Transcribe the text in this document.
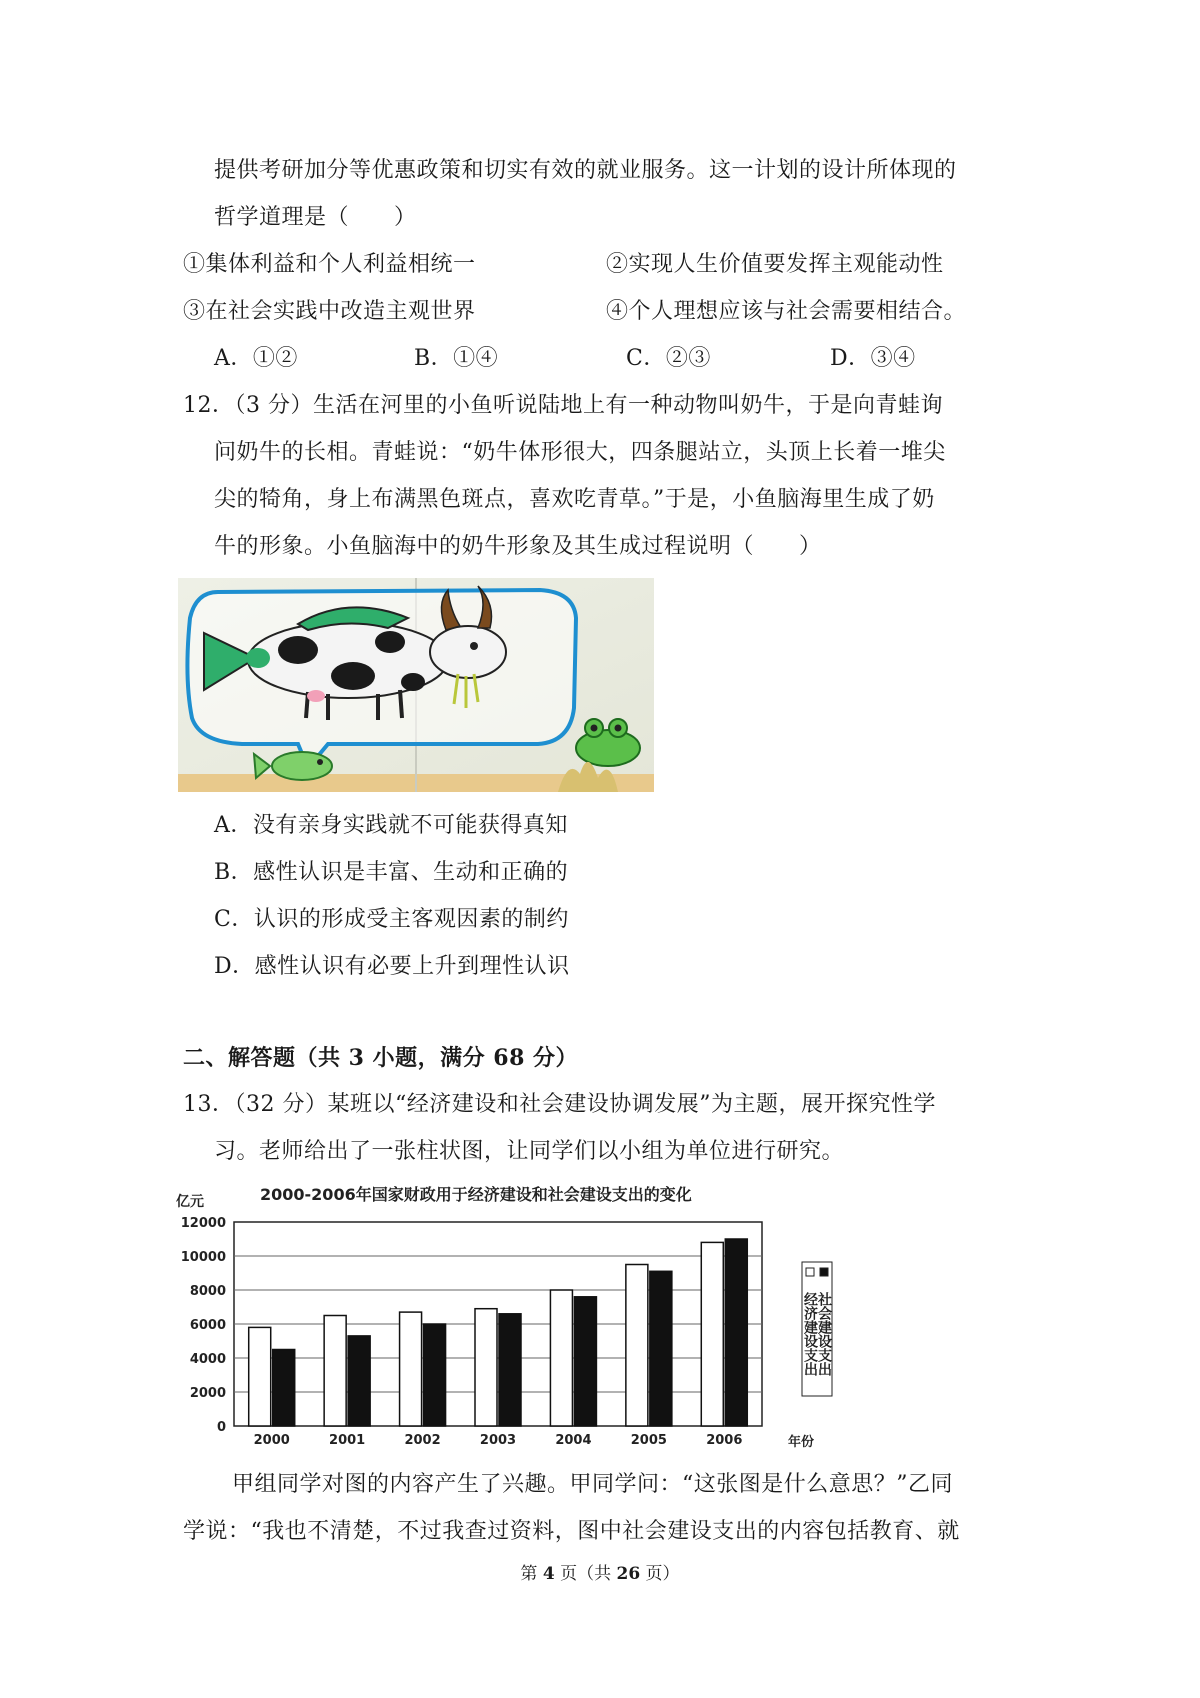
提供考研加分等优惠政策和切实有效的就业服务。这一计划的设计所体现的
哲学道理是（　　）
①集体利益和个人利益相统一	②实现人生价值要发挥主观能动性
③在社会实践中改造主观世界	④个人理想应该与社会需要相结合。
A．①②	B．①④	C．②③	D．③④
12．（3 分）生活在河里的小鱼听说陆地上有一种动物叫奶牛，于是向青蛙询
问奶牛的长相。青蛙说：“奶牛体形很大，四条腿站立，头顶上长着一堆尖
尖的犄角，身上布满黑色斑点，喜欢吃青草。”于是，小鱼脑海里生成了奶
牛的形象。小鱼脑海中的奶牛形象及其生成过程说明（　　）
A．没有亲身实践就不可能获得真知
B．感性认识是丰富、生动和正确的
C．认识的形成受主客观因素的制约
D．感性认识有必要上升到理性认识
二、解答题（共 3 小题，满分 68 分）
13．（32 分）某班以“经济建设和社会建设协调发展”为主题，展开探究性学
习。老师给出了一张柱状图，让同学们以小组为单位进行研究。
2000-2006年国家财政用于经济建设和社会建设支出的变化
亿元
年份
0
2000
4000
6000
8000
10000
12000
2000	2001	2002	2003	2004	2005	2006
社会建设支出
经济建设支出
甲组同学对图的内容产生了兴趣。甲同学问：“这张图是什么意思？”乙同
学说：“我也不清楚，不过我查过资料，图中社会建设支出的内容包括教育、就
第 4 页（共 26 页）
